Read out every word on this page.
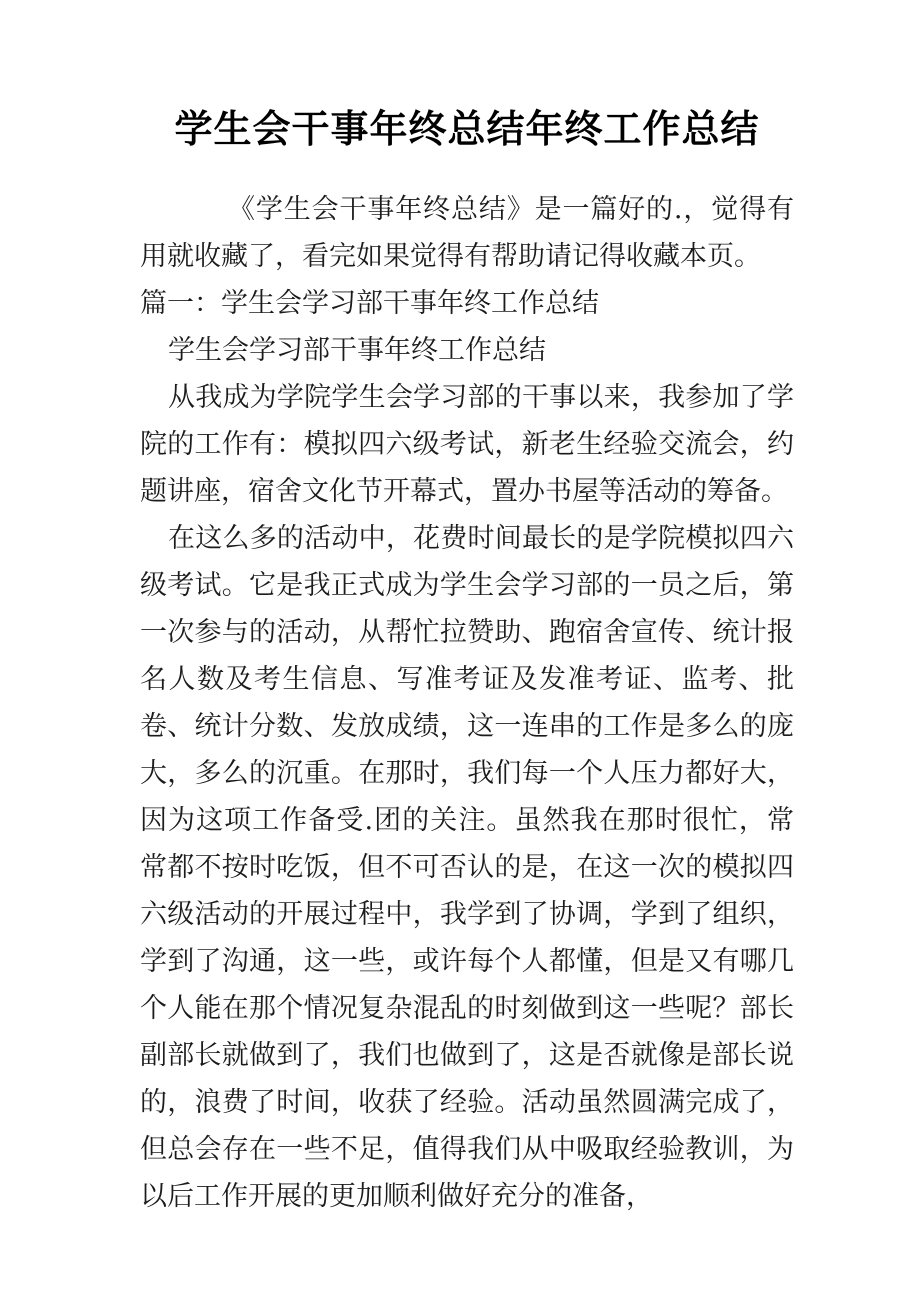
学生会干事年终总结年终工作总结

《学生会干事年终总结》是一篇好的.，觉得有用就收藏了，看完如果觉得有帮助请记得收藏本页。

篇一：学生会学习部干事年终工作总结

学生会学习部干事年终工作总结

从我成为学院学生会学习部的干事以来，我参加了学院的工作有：模拟四六级考试，新老生经验交流会，约题讲座，宿舍文化节开幕式，置办书屋等活动的筹备。

在这么多的活动中，花费时间最长的是学院模拟四六级考试。它是我正式成为学生会学习部的一员之后，第一次参与的活动，从帮忙拉赞助、跑宿舍宣传、统计报名人数及考生信息、写准考证及发准考证、监考、批卷、统计分数、发放成绩，这一连串的工作是多么的庞大，多么的沉重。在那时，我们每一个人压力都好大，因为这项工作备受.团的关注。虽然我在那时很忙，常常都不按时吃饭，但不可否认的是，在这一次的模拟四六级活动的开展过程中，我学到了协调，学到了组织，学到了沟通，这一些，或许每个人都懂，但是又有哪几个人能在那个情况复杂混乱的时刻做到这一些呢？部长副部长就做到了，我们也做到了，这是否就像是部长说的，浪费了时间，收获了经验。活动虽然圆满完成了，但总会存在一些不足，值得我们从中吸取经验教训，为以后工作开展的更加顺利做好充分的准备，
